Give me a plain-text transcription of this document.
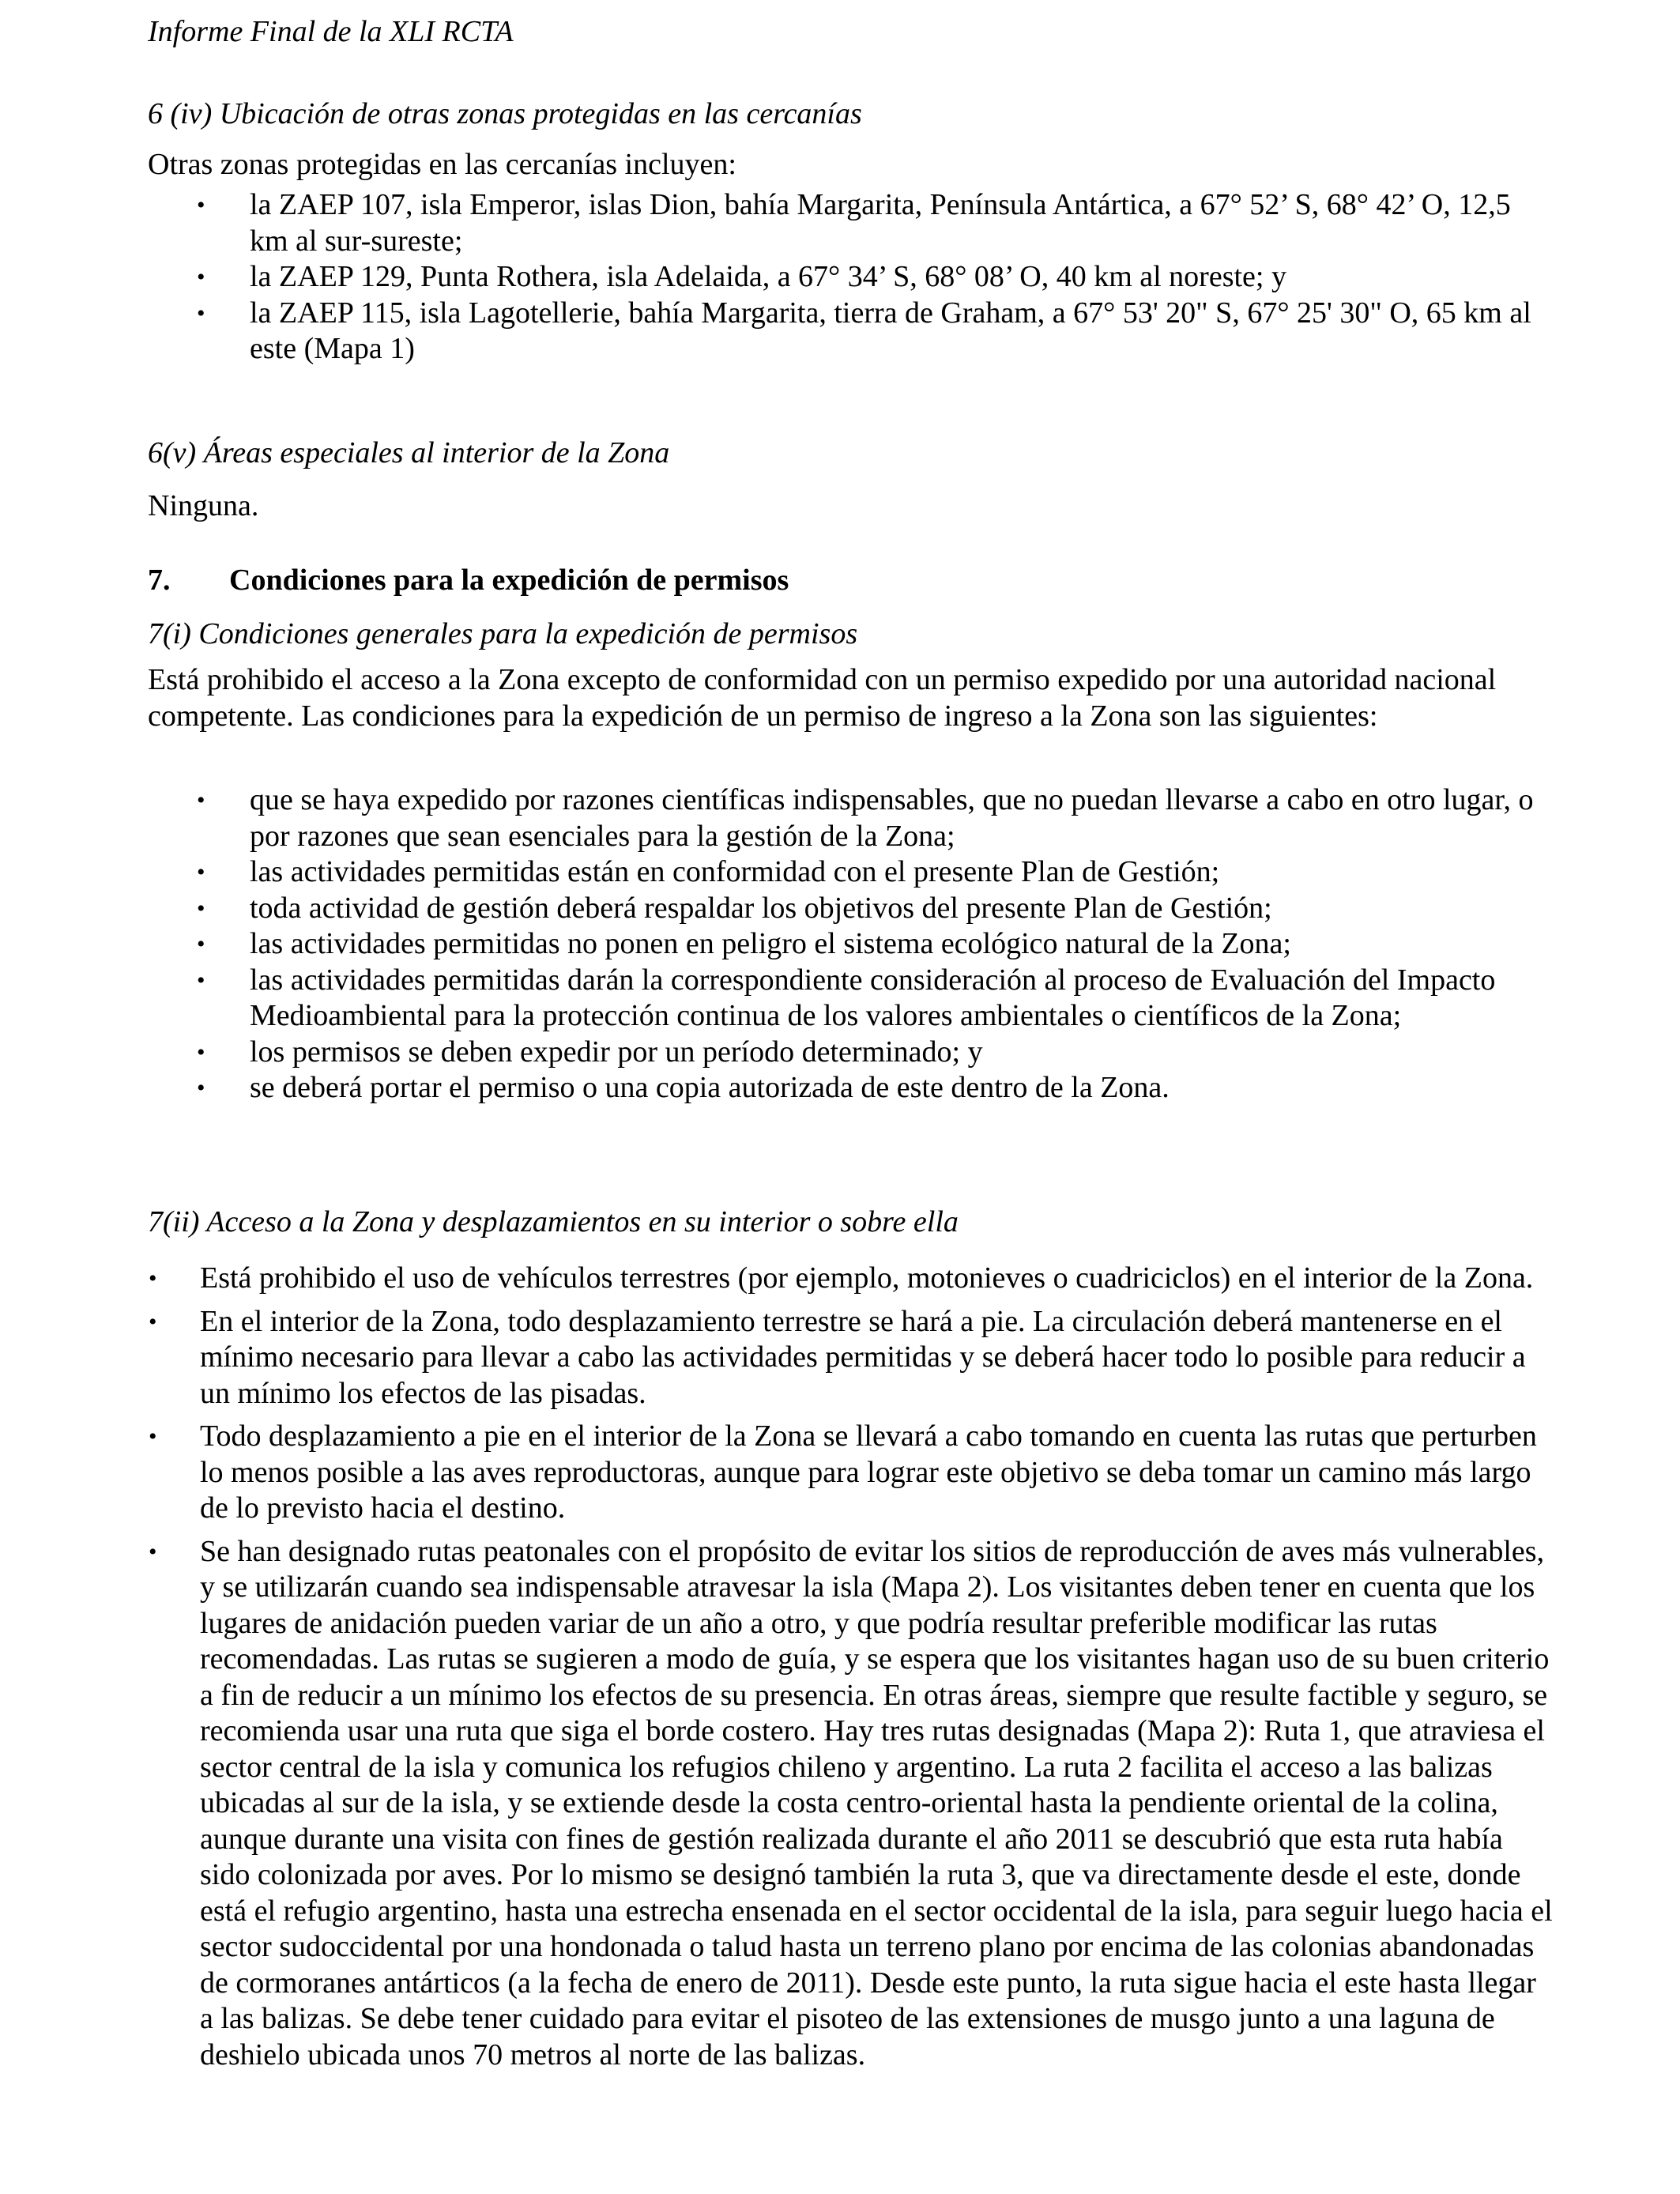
Informe Final de la XLI RCTA
6 (iv) Ubicación de otras zonas protegidas en las cercanías
Otras zonas protegidas en las cercanías incluyen:
• la ZAEP 107, isla Emperor, islas Dion, bahía Margarita, Península Antártica, a 67° 52’ S, 68° 42’ O, 12,5 km al sur-sureste;
• la ZAEP 129, Punta Rothera, isla Adelaida, a 67° 34’ S, 68° 08’ O, 40 km al noreste; y
• la ZAEP 115, isla Lagotellerie, bahía Margarita, tierra de Graham, a 67° 53' 20" S, 67° 25' 30" O, 65 km al este (Mapa 1)
6(v) Áreas especiales al interior de la Zona
Ninguna.
7. Condiciones para la expedición de permisos
7(i) Condiciones generales para la expedición de permisos
Está prohibido el acceso a la Zona excepto de conformidad con un permiso expedido por una autoridad nacional competente. Las condiciones para la expedición de un permiso de ingreso a la Zona son las siguientes:
• que se haya expedido por razones científicas indispensables, que no puedan llevarse a cabo en otro lugar, o por razones que sean esenciales para la gestión de la Zona;
• las actividades permitidas están en conformidad con el presente Plan de Gestión;
• toda actividad de gestión deberá respaldar los objetivos del presente Plan de Gestión;
• las actividades permitidas no ponen en peligro el sistema ecológico natural de la Zona;
• las actividades permitidas darán la correspondiente consideración al proceso de Evaluación del Impacto Medioambiental para la protección continua de los valores ambientales o científicos de la Zona;
• los permisos se deben expedir por un período determinado; y
• se deberá portar el permiso o una copia autorizada de este dentro de la Zona.
7(ii) Acceso a la Zona y desplazamientos en su interior o sobre ella
• Está prohibido el uso de vehículos terrestres (por ejemplo, motonieves o cuadriciclos) en el interior de la Zona.
• En el interior de la Zona, todo desplazamiento terrestre se hará a pie. La circulación deberá mantenerse en el mínimo necesario para llevar a cabo las actividades permitidas y se deberá hacer todo lo posible para reducir a un mínimo los efectos de las pisadas.
• Todo desplazamiento a pie en el interior de la Zona se llevará a cabo tomando en cuenta las rutas que perturben lo menos posible a las aves reproductoras, aunque para lograr este objetivo se deba tomar un camino más largo de lo previsto hacia el destino.
• Se han designado rutas peatonales con el propósito de evitar los sitios de reproducción de aves más vulnerables, y se utilizarán cuando sea indispensable atravesar la isla (Mapa 2). Los visitantes deben tener en cuenta que los lugares de anidación pueden variar de un año a otro, y que podría resultar preferible modificar las rutas recomendadas. Las rutas se sugieren a modo de guía, y se espera que los visitantes hagan uso de su buen criterio a fin de reducir a un mínimo los efectos de su presencia. En otras áreas, siempre que resulte factible y seguro, se recomienda usar una ruta que siga el borde costero. Hay tres rutas designadas (Mapa 2): Ruta 1, que atraviesa el sector central de la isla y comunica los refugios chileno y argentino. La ruta 2 facilita el acceso a las balizas ubicadas al sur de la isla, y se extiende desde la costa centro-oriental hasta la pendiente oriental de la colina, aunque durante una visita con fines de gestión realizada durante el año 2011 se descubrió que esta ruta había sido colonizada por aves. Por lo mismo se designó también la ruta 3, que va directamente desde el este, donde está el refugio argentino, hasta una estrecha ensenada en el sector occidental de la isla, para seguir luego hacia el sector sudoccidental por una hondonada o talud hasta un terreno plano por encima de las colonias abandonadas de cormoranes antárticos (a la fecha de enero de 2011). Desde este punto, la ruta sigue hacia el este hasta llegar a las balizas. Se debe tener cuidado para evitar el pisoteo de las extensiones de musgo junto a una laguna de deshielo ubicada unos 70 metros al norte de las balizas.
